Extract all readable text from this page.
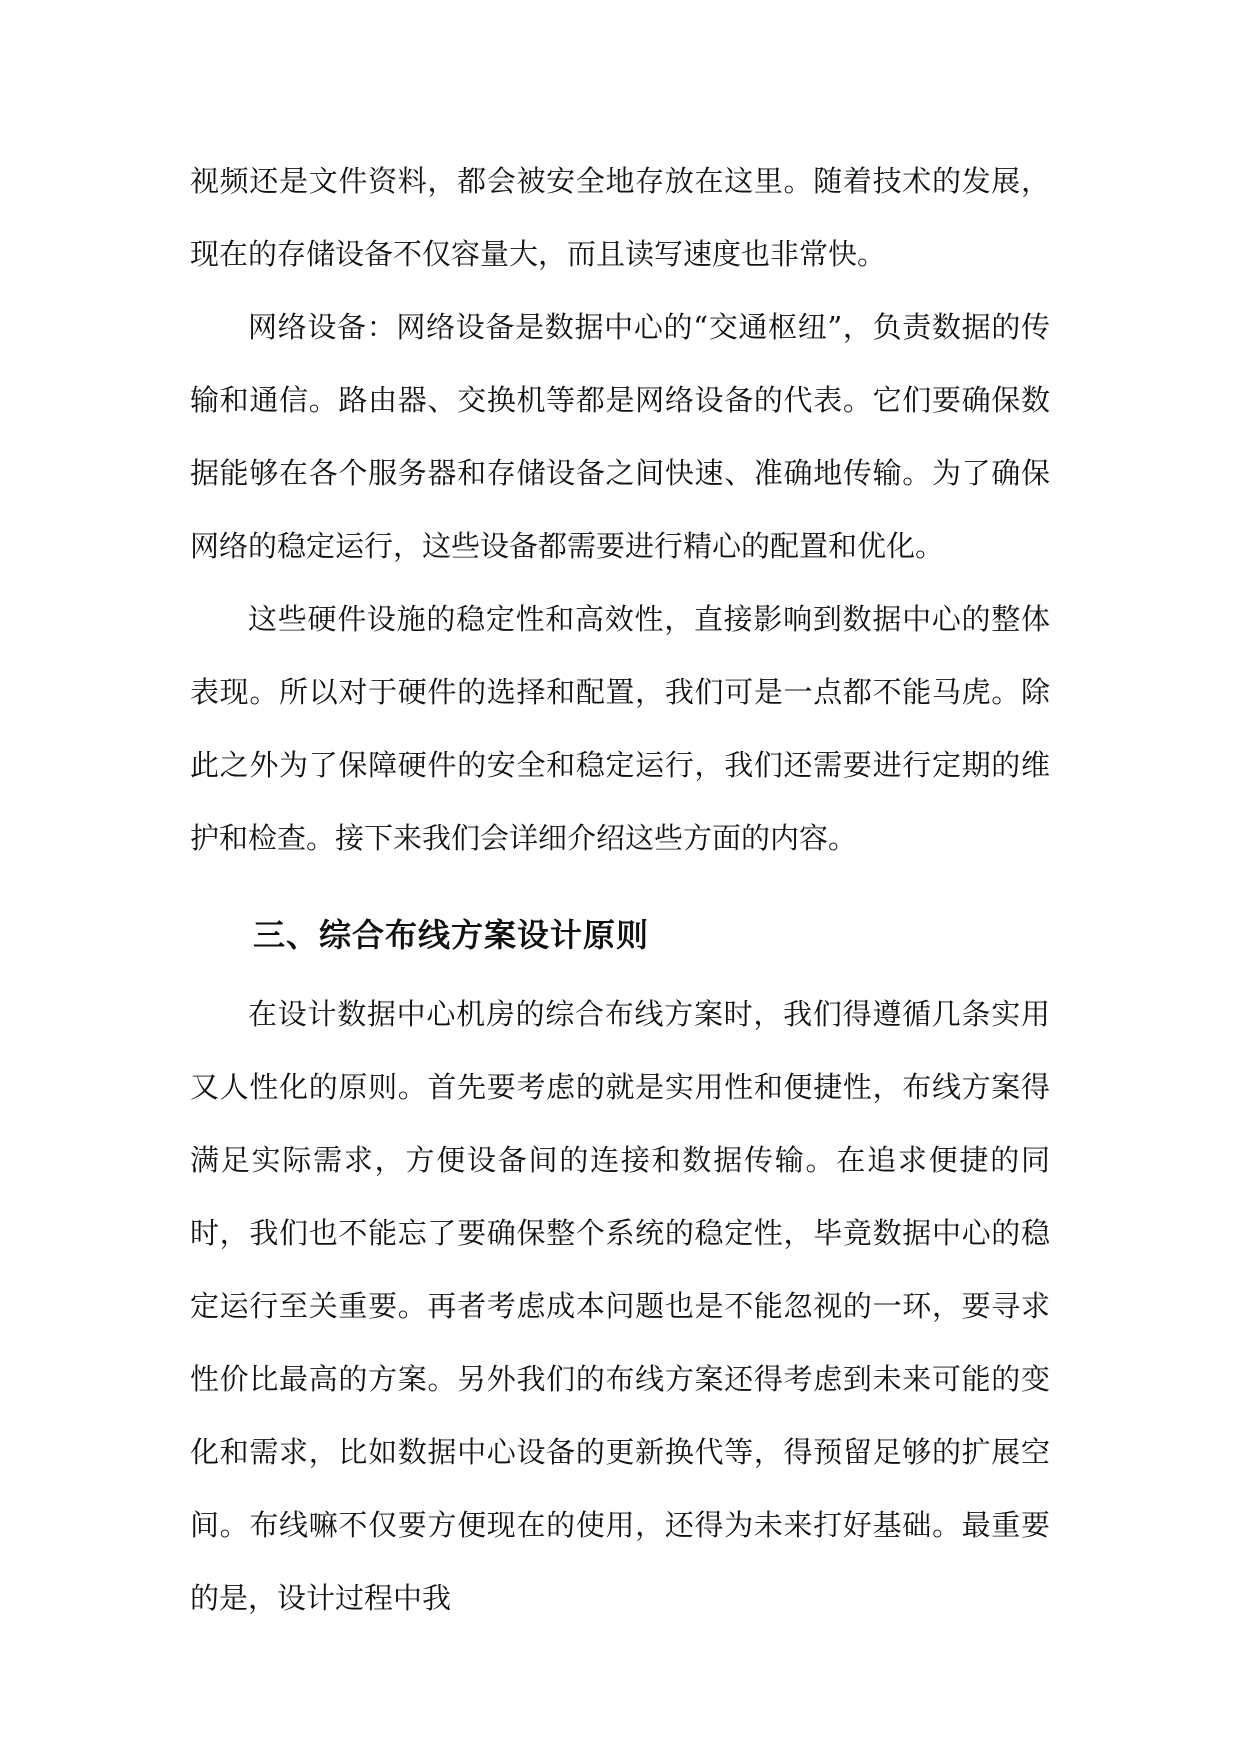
视频还是文件资料，都会被安全地存放在这里。随着技术的发展，现在的存储设备不仅容量大，而且读写速度也非常快。

网络设备：网络设备是数据中心的“交通枢纽”，负责数据的传输和通信。路由器、交换机等都是网络设备的代表。它们要确保数据能够在各个服务器和存储设备之间快速、准确地传输。为了确保网络的稳定运行，这些设备都需要进行精心的配置和优化。

这些硬件设施的稳定性和高效性，直接影响到数据中心的整体表现。所以对于硬件的选择和配置，我们可是一点都不能马虎。除此之外为了保障硬件的安全和稳定运行，我们还需要进行定期的维护和检查。接下来我们会详细介绍这些方面的内容。

三、综合布线方案设计原则

在设计数据中心机房的综合布线方案时，我们得遵循几条实用又人性化的原则。首先要考虑的就是实用性和便捷性，布线方案得满足实际需求，方便设备间的连接和数据传输。在追求便捷的同时，我们也不能忘了要确保整个系统的稳定性，毕竟数据中心的稳定运行至关重要。再者考虑成本问题也是不能忽视的一环，要寻求性价比最高的方案。另外我们的布线方案还得考虑到未来可能的变化和需求，比如数据中心设备的更新换代等，得预留足够的扩展空间。布线嘛不仅要方便现在的使用，还得为未来打好基础。最重要的是，设计过程中我
